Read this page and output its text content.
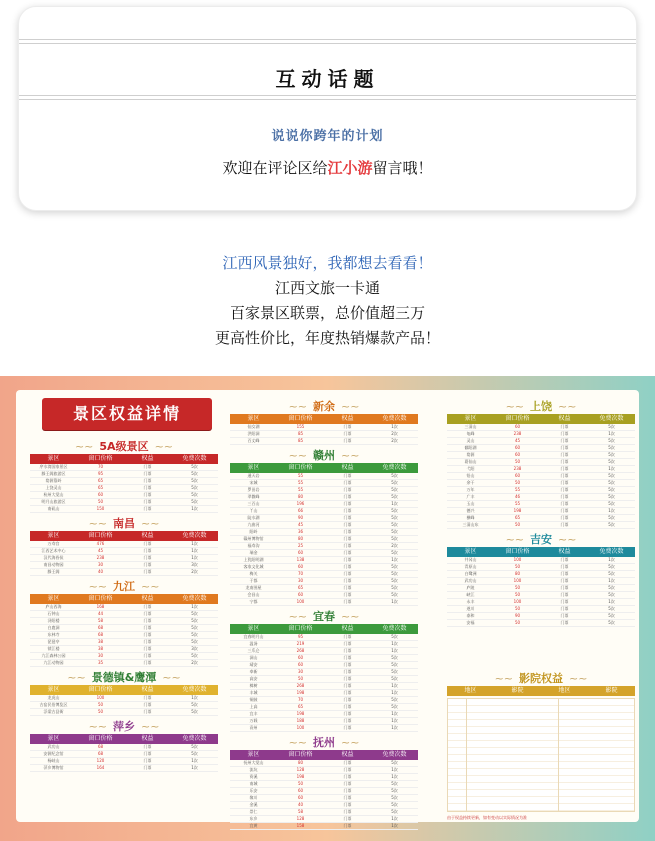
互动话题
说说你跨年的计划
欢迎在评论区给江小游留言哦！
江西风景独好，我都想去看看！
江西文旅一卡通
百家景区联票，总价值超三万
更高性价比，年度热销爆款产品！
景区权益详情
~~ 5A级景区 ~~
景区	窗口价格	权益	免费次数
序水湾国家景区	70	门票	5次
滕王阁旅游区	95	门票	5次
婺源篁岭	65	门票	5次
上饶灵山	65	门票	5次
杭州大觉山	60	门票	5次
明月山旅游区	50	门票	5次
南矶山	150	门票	1次
~~ 南昌 ~~
景区	窗口价格	权益	免费次数
万寿宫	476	门票	1次
江西艺术中心	45	门票	1次
汉代海昏侯	238	门票	1次
南昌动物园	30	门票	3次
滕王阁	40	门票	2次
~~ 九江 ~~
景区	窗口价格	权益	免费次数
庐山西海	168	门票	1次
石钟山	44	门票	5次
浔阳楼	58	门票	5次
白鹿洞	68	门票	5次
东林寺	68	门票	5次
琵琶亭	38	门票	5次
锁江楼	38	门票	3次
九江森林公园	30	门票	5次
九江动物园	35	门票	2次
~~ 景德镇&鹰潭 ~~
景区	窗口价格	权益	免费次数
龙虎山	100	门票	1次
古窑民俗博览区	50	门票	5次
浮梁古县衙	50	门票	5次
~~ 萍乡 ~~
景区	窗口价格	权益	免费次数
武功山	68	门票	5次
安源纪念馆	68	门票	5次
杨岐山	120	门票	1次
萍乡博物馆	164	门票	1次
~~ 新余 ~~
景区	窗口价格	权益	免费次数
仙女湖	155	门票	1次
洪阳洞	85	门票	2次
百丈峰	85	门票	2次
~~ 赣州 ~~
景区	窗口价格	权益	免费次数
通天岩	55	门票	5次
宋城	55	门票	5次
罗田岩	55	门票	5次
翠微峰	80	门票	5次
三百山	196	门票	1次
丫山	66	门票	5次
陡水湖	90	门票	5次
九曲河	45	门票	5次
阳岭	36	门票	5次
赣州博物馆	80	门票	5次
福寿沟	25	门票	2次
瑞金	60	门票	5次
上犹阳明湖	138	门票	1次
客家文化城	60	门票	5次
梅关	70	门票	5次
于都	30	门票	5次
龙南围屋	65	门票	5次
会昌山	60	门票	5次
宁都	100	门票	1次
~~ 宜春 ~~
景区	窗口价格	权益	免费次数
宜春明月山	95	门票	5次
温汤	219	门票	1次
三爪仑	268	门票	1次
洞山	60	门票	5次
靖安	60	门票	5次
奉新	30	门票	5次
高安	50	门票	5次
樟树	268	门票	1次
丰城	198	门票	1次
铜鼓	70	门票	5次
上高	65	门票	5次
宜丰	198	门票	1次
万载	188	门票	1次
袁州	100	门票	1次
~~ 抚州 ~~
景区	窗口价格	权益	免费次数
抚州大觉山	80	门票	5次
流坑	128	门票	1次
资溪	198	门票	1次
南城	50	门票	5次
乐安	60	门票	5次
黎川	60	门票	5次
金溪	40	门票	5次
崇仁	58	门票	5次
东乡	128	门票	1次
宜黄	158	门票	1次
~~ 上饶 ~~
景区	窗口价格	权益	免费次数
三清山	60	门票	5次
龟峰	238	门票	1次
灵山	45	门票	5次
鄱阳湖	60	门票	5次
婺源	60	门票	5次
葛仙山	50	门票	5次
弋阳	238	门票	1次
铅山	60	门票	5次
余干	50	门票	5次
万年	55	门票	5次
广丰	46	门票	5次
玉山	55	门票	5次
德兴	198	门票	1次
横峰	65	门票	5次
三清山东	50	门票	5次
~~ 吉安 ~~
景区	窗口价格	权益	免费次数
井冈山	100	门票	1次
青原山	50	门票	5次
白鹭洲	80	门票	5次
武功山	100	门票	1次
庐陵	50	门票	5次
峡江	50	门票	5次
永丰	100	门票	1次
遂川	50	门票	5次
泰和	90	门票	5次
安福	50	门票	5次
~~ 影院权益 ~~
地区	影院	地区	影院
由于权益持续更新，如有变动以实际情况为准
